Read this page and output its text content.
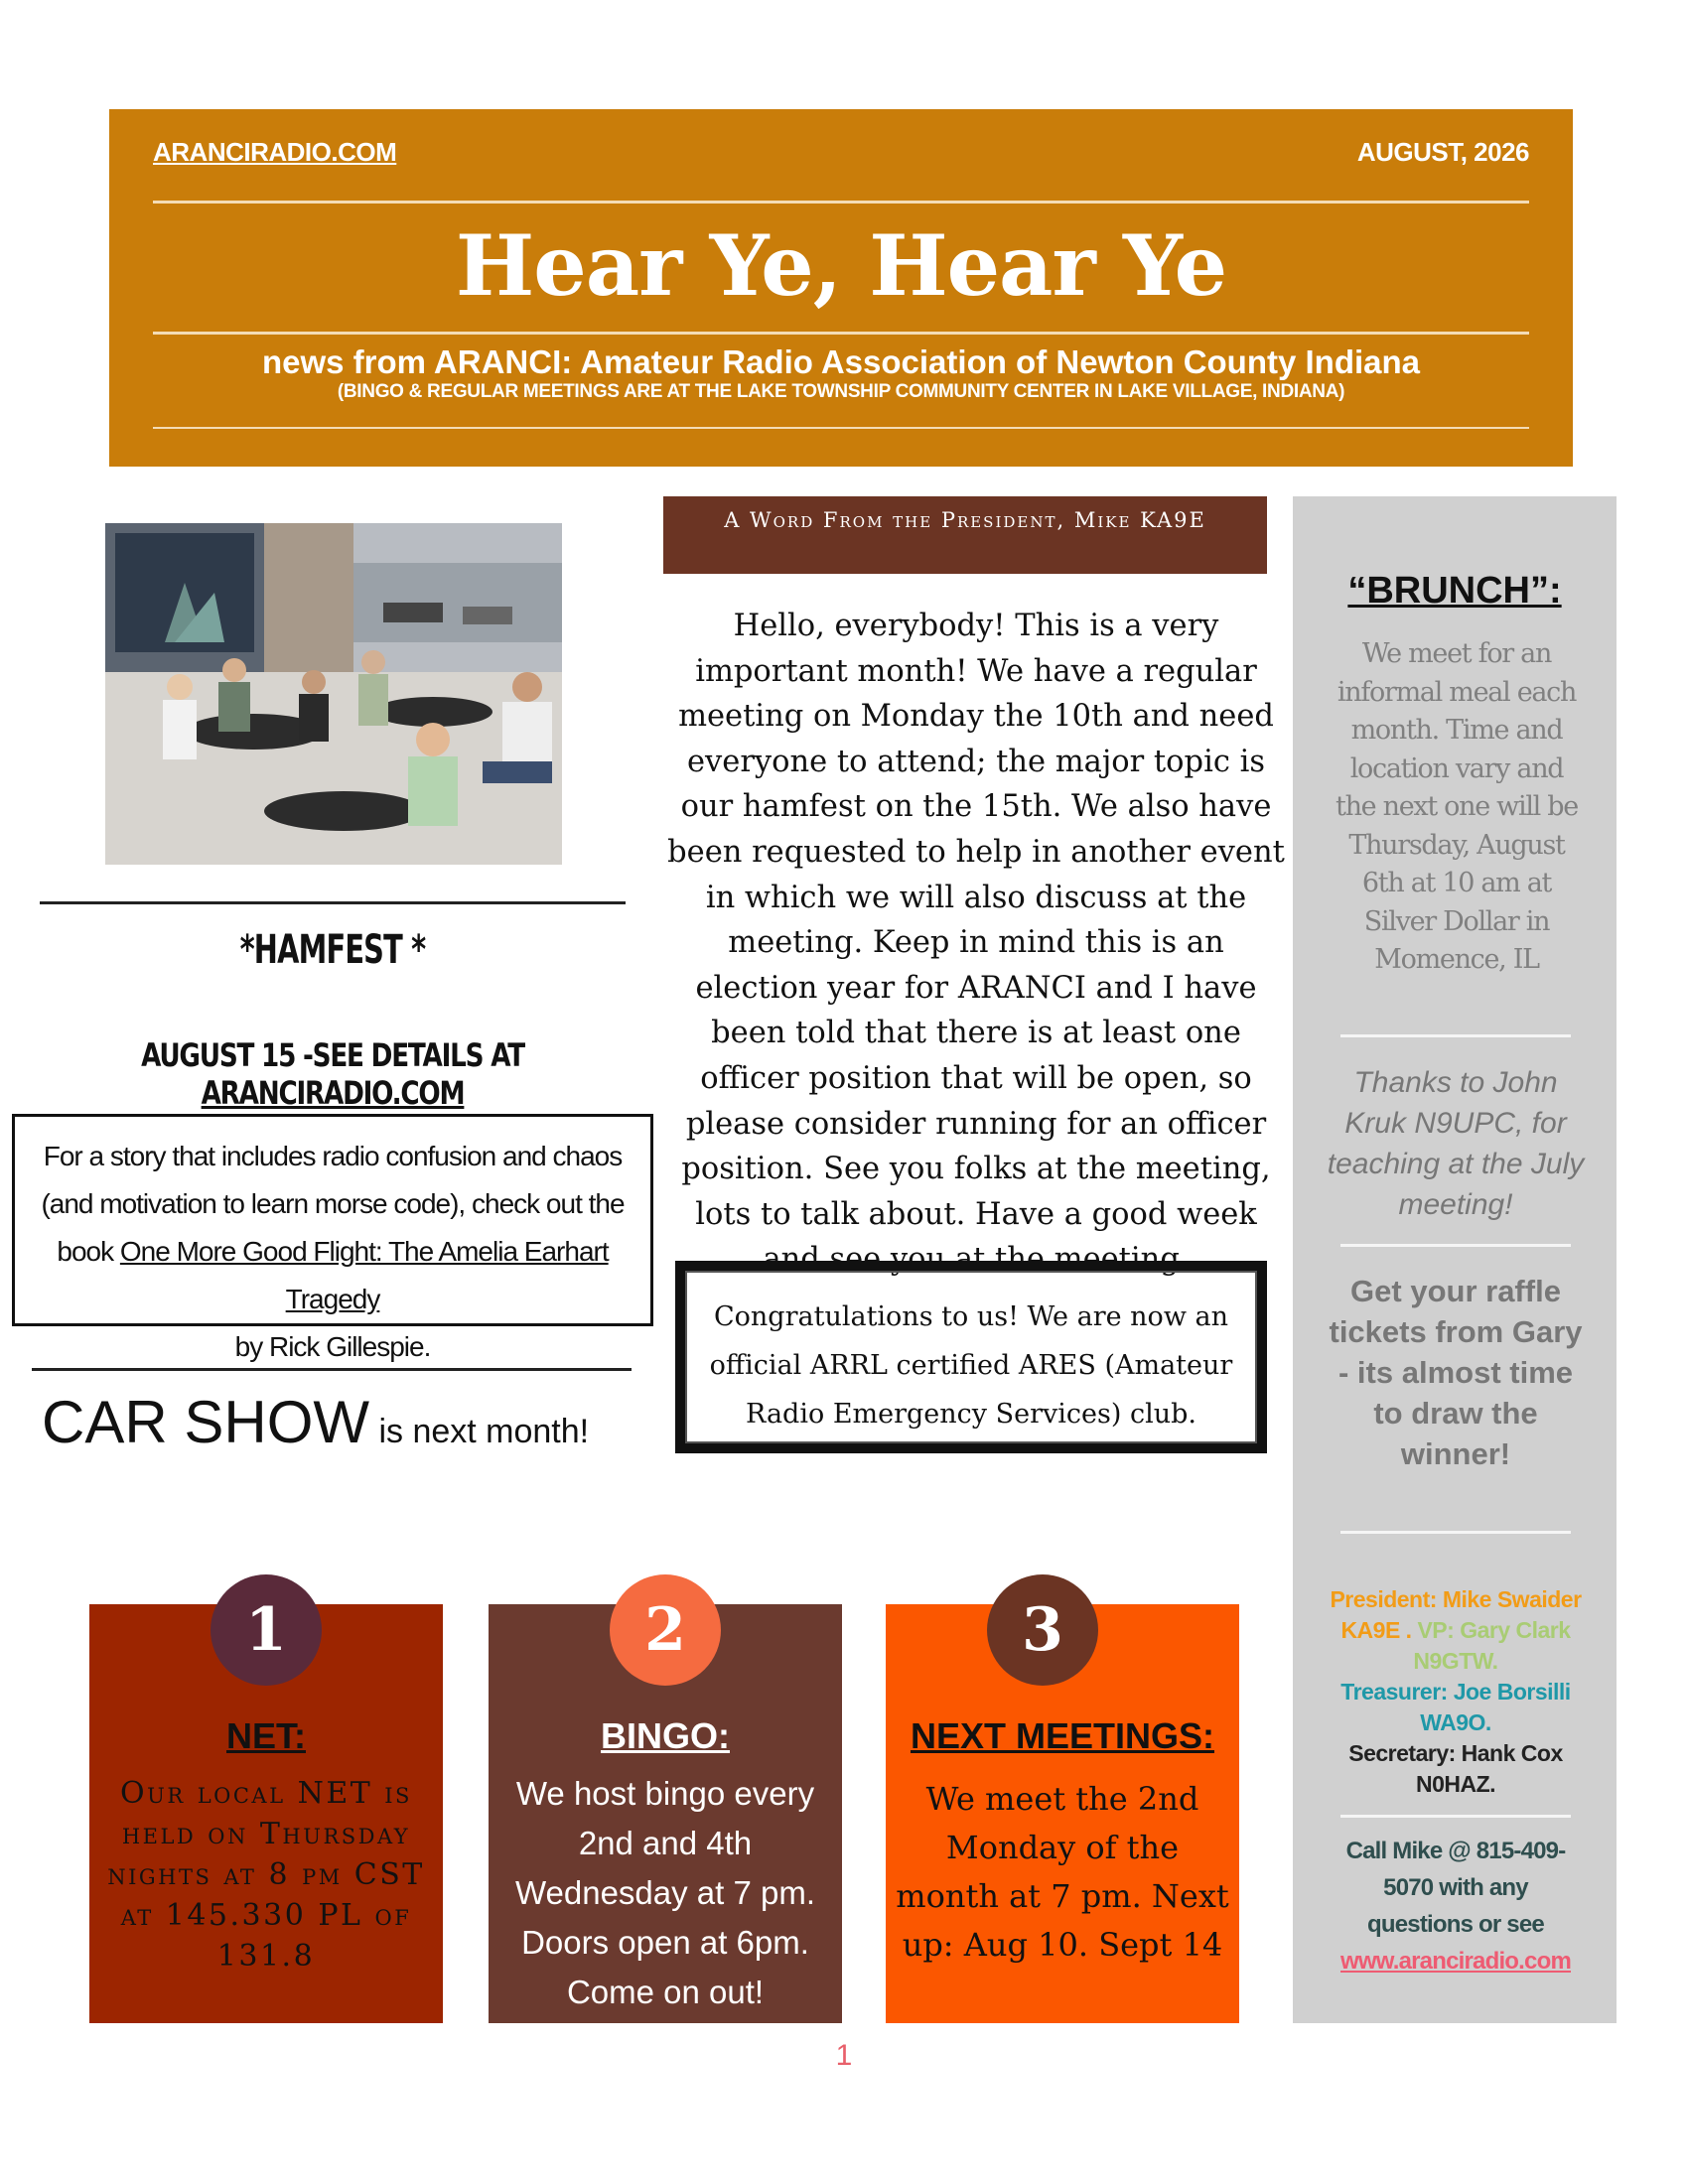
ARANCIRADIO.COM	AUGUST, 2026
Hear Ye, Hear Ye
news from ARANCI: Amateur Radio Association of Newton County Indiana
(BINGO & REGULAR MEETINGS ARE AT THE LAKE TOWNSHIP COMMUNITY CENTER IN LAKE VILLAGE, INDIANA)
*HAMFEST *
AUGUST 15 -SEE DETAILS AT ARANCIRADIO.COM
For a story that includes radio confusion and chaos (and motivation to learn morse code), check out the book One More Good Flight: The Amelia Earhart Tragedy
by Rick Gillespie.
CAR SHOW is next month!
A Word From the President, Mike KA9E
Hello, everybody! This is a very important month! We have a regular meeting on Monday the 10th and need everyone to attend; the major topic is our hamfest on the 15th. We also have been requested to help in another event in which we will also discuss at the meeting. Keep in mind this is an election year for ARANCI and I have been told that there is at least one officer position that will be open, so please consider running for an officer position. See you folks at the meeting, lots to talk about. Have a good week and see you at the meeting.
Congratulations to us! We are now an official ARRL certified ARES (Amateur Radio Emergency Services) club.
“BRUNCH”:
We meet for an informal meal each month. Time and location vary and the next one will be Thursday, August 6th at 10 am at Silver Dollar in Momence, IL
Thanks to John Kruk N9UPC, for teaching at the July meeting!
Get your raffle tickets from Gary - its almost time to draw the winner!
President: Mike Swaider KA9E . VP: Gary Clark N9GTW.
Treasurer: Joe Borsilli WA9O.
Secretary: Hank Cox N0HAZ.
Call Mike @ 815-409-5070 with any questions or see
www.aranciradio.com
NET:
Our local NET is held on Thursday nights at 8 pm CST at 145.330 PL of 131.8
1
BINGO:
We host bingo every 2nd and 4th Wednesday at 7 pm. Doors open at 6pm. Come on out!
2
NEXT MEETINGS:
We meet the 2nd Monday of the month at 7 pm. Next up: Aug 10. Sept 14
3
1
